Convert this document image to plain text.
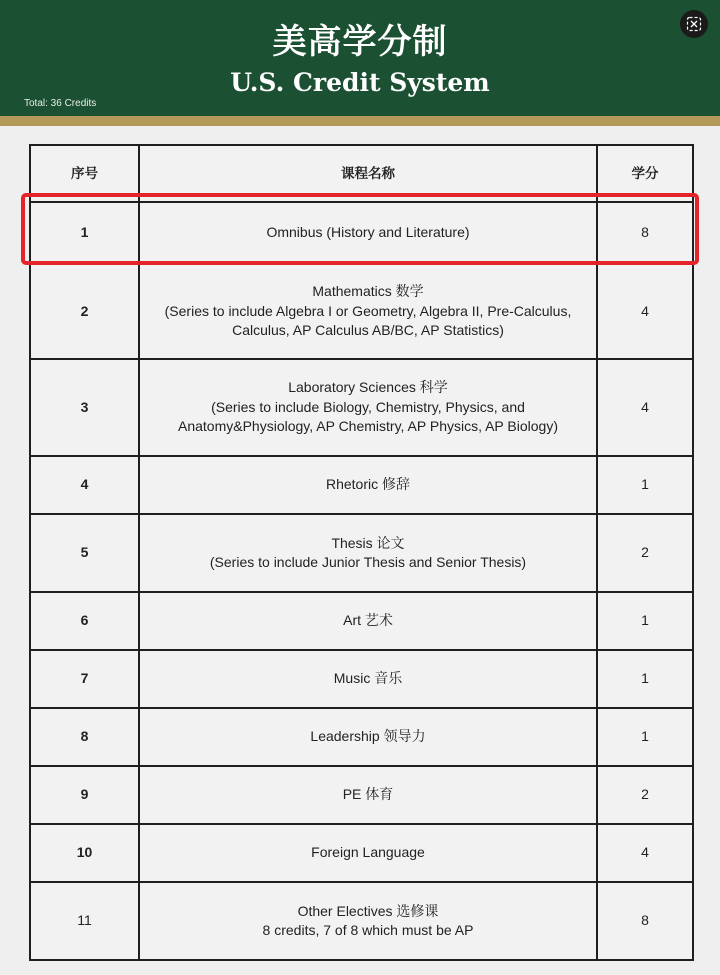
美高学分制
U.S. Credit System
Total: 36 Credits
序号	课程名称	学分
1	Omnibus (History and Literature)	8
2	Mathematics 数学
(Series to include Algebra I or Geometry, Algebra II, Pre-Calculus,
Calculus, AP Calculus AB/BC, AP Statistics)	4
3	Laboratory Sciences 科学
(Series to include Biology, Chemistry, Physics, and
Anatomy&Physiology, AP Chemistry, AP Physics, AP Biology)	4
4	Rhetoric 修辞	1
5	Thesis 论文
(Series to include Junior Thesis and Senior Thesis)	2
6	Art 艺术	1
7	Music 音乐	1
8	Leadership 领导力	1
9	PE 体育	2
10	Foreign Language	4
11	Other Electives 选修课
8 credits, 7 of 8 which must be AP	8
